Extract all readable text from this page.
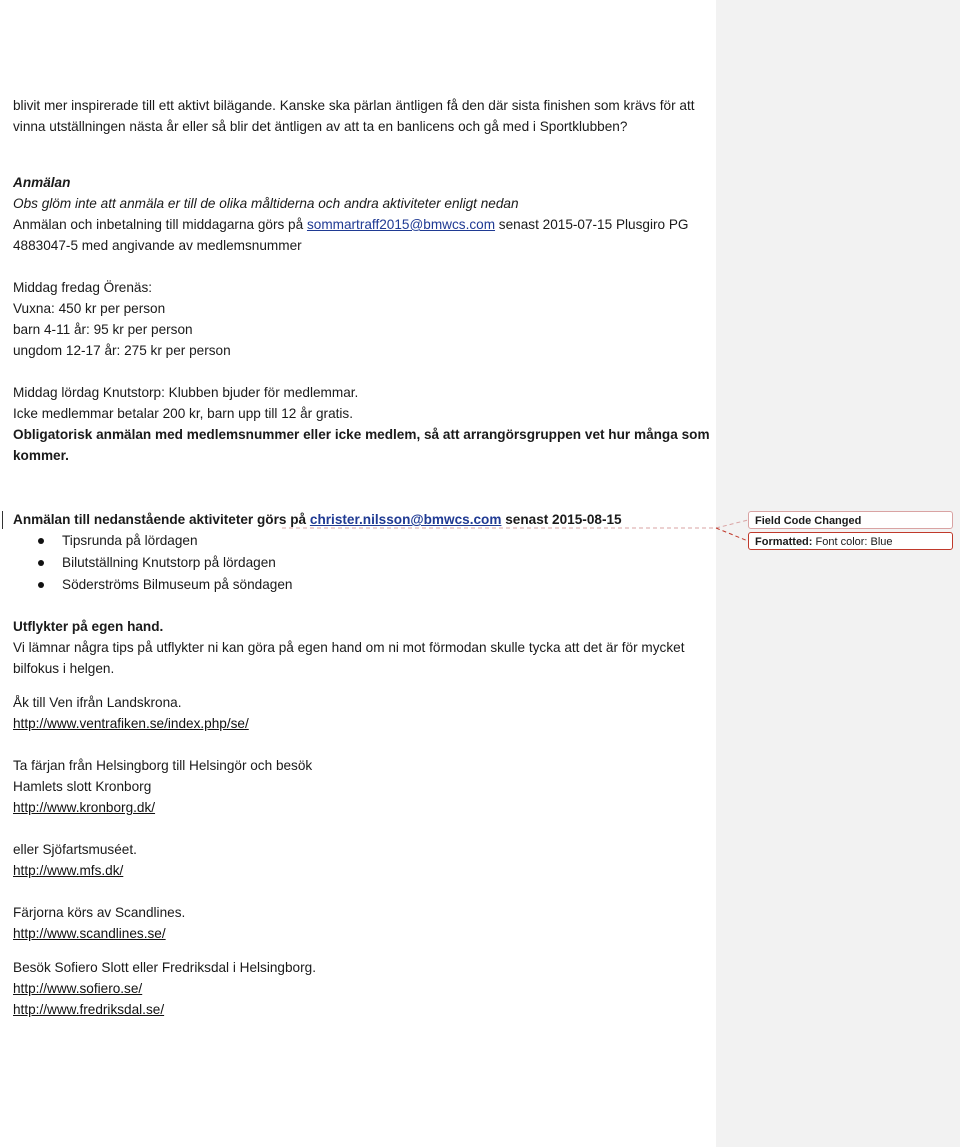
blivit mer inspirerade till ett aktivt bilägande. Kanske ska pärlan äntligen få den där sista finishen som krävs för att
vinna utställningen nästa år eller så blir det äntligen av att ta en banlicens och gå med i Sportklubben?
Anmälan
Obs glöm inte att anmäla er till de olika måltiderna och andra aktiviteter enligt nedan
Anmälan och inbetalning till middagarna görs på sommartraff2015@bmwcs.com senast 2015-07-15 Plusgiro PG
4883047-5 med angivande av medlemsnummer
Middag fredag Örenäs:
Vuxna: 450 kr per person
barn 4-11 år: 95 kr per person
ungdom 12-17 år: 275 kr per person
Middag lördag Knutstorp: Klubben bjuder för medlemmar.
Icke medlemmar betalar 200 kr, barn upp till 12 år gratis.
Obligatorisk anmälan med medlemsnummer eller icke medlem, så att arrangörsgruppen vet hur många som
kommer.
Anmälan till nedanstående aktiviteter görs på christer.nilsson@bmwcs.com senast 2015-08-15
Tipsrunda på lördagen
Bilutställning Knutstorp på lördagen
Söderströms Bilmuseum på söndagen
Utflykter på egen hand.
Vi lämnar några tips på utflykter ni kan göra på egen hand om ni mot förmodan skulle tycka att det är för mycket
bilfokus i helgen.
Åk till Ven ifrån Landskrona.
http://www.ventrafiken.se/index.php/se/
Ta färjan från Helsingborg till Helsingör och besök
Hamlets slott Kronborg
http://www.kronborg.dk/
eller Sjöfartsmuséet.
http://www.mfs.dk/
Färjorna körs av Scandlines.
http://www.scandlines.se/
Besök Sofiero Slott eller Fredriksdal i Helsingborg.
http://www.sofiero.se/
http://www.fredriksdal.se/
Field Code Changed
Formatted: Font color: Blue
